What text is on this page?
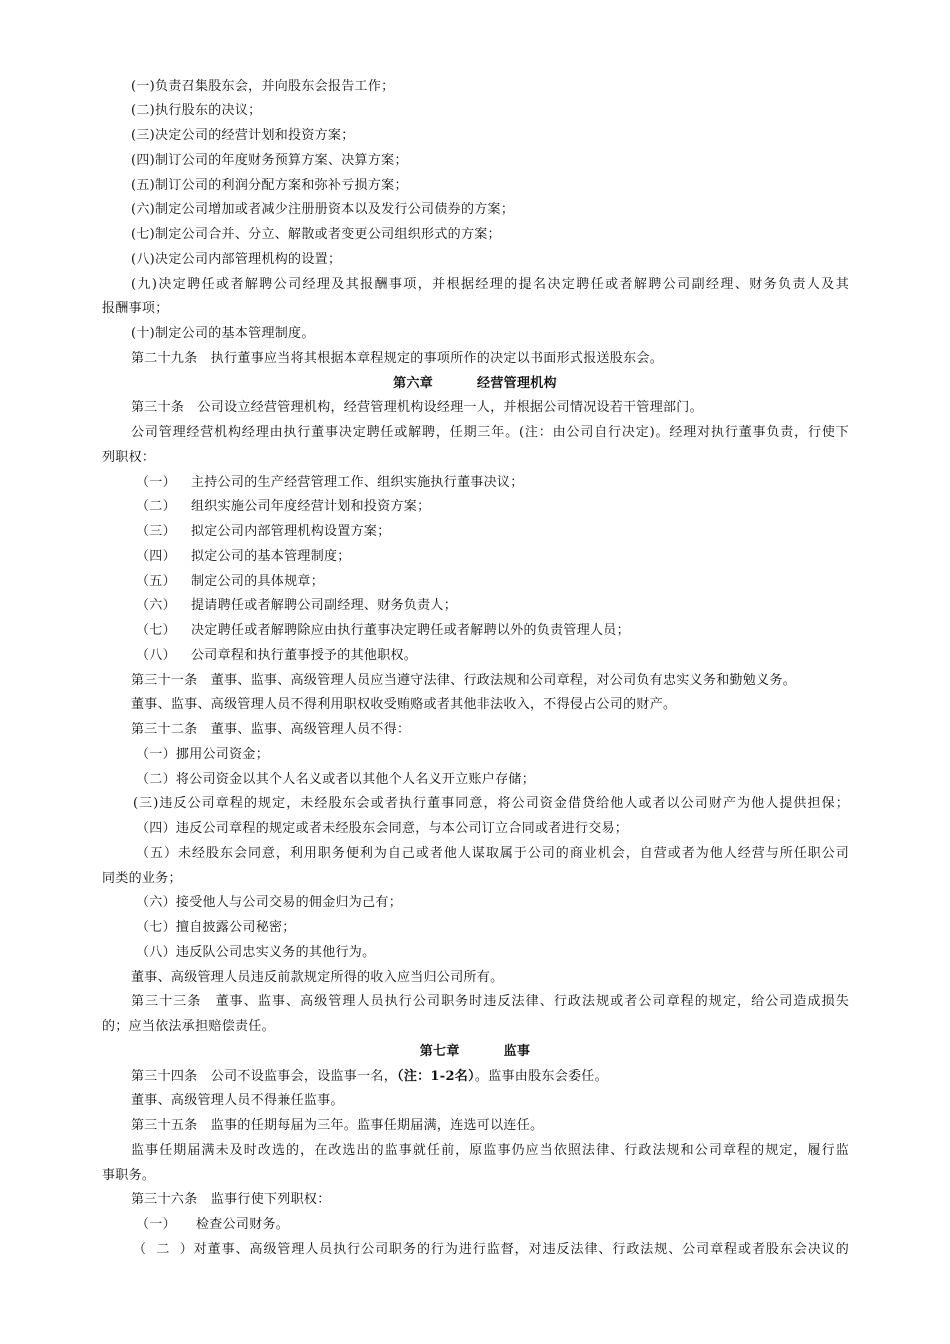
(一)负责召集股东会，并向股东会报告工作；
(二)执行股东的决议；
(三)决定公司的经营计划和投资方案；
(四)制订公司的年度财务预算方案、决算方案；
(五)制订公司的利润分配方案和弥补亏损方案；
(六)制定公司增加或者减少注册册资本以及发行公司债券的方案；
(七)制定公司合并、分立、解散或者变更公司组织形式的方案；
(八)决定公司内部管理机构的设置；
(九)决定聘任或者解聘公司经理及其报酬事项，并根据经理的提名决定聘任或者解聘公司副经理、财务负责人及其
报酬事项；
(十)制定公司的基本管理制度。
第二十九条　执行董事应当将其根据本章程规定的事项所作的决定以书面形式报送股东会。
第六章	经营管理机构
第三十条　公司设立经营管理机构，经营管理机构设经理一人，并根据公司情况设若干管理部门。
公司管理经营机构经理由执行董事决定聘任或解聘，任期三年。(注：由公司自行决定)。经理对执行董事负责，行使下
列职权：
（一） 主持公司的生产经营管理工作、组织实施执行董事决议；
（二） 组织实施公司年度经营计划和投资方案；
（三） 拟定公司内部管理机构设置方案；
（四） 拟定公司的基本管理制度；
（五） 制定公司的具体规章；
（六） 提请聘任或者解聘公司副经理、财务负责人；
（七） 决定聘任或者解聘除应由执行董事决定聘任或者解聘以外的负责管理人员；
（八） 公司章程和执行董事授予的其他职权。
第三十一条　董事、监事、高级管理人员应当遵守法律、行政法规和公司章程，对公司负有忠实义务和勤勉义务。
董事、监事、高级管理人员不得利用职权收受贿赂或者其他非法收入，不得侵占公司的财产。
第三十二条　董事、监事、高级管理人员不得：
（一）挪用公司资金；
（二）将公司资金以其个人名义或者以其他个人名义开立账户存储；
(三)违反公司章程的规定，未经股东会或者执行董事同意，将公司资金借贷给他人或者以公司财产为他人提供担保；
（四）违反公司章程的规定或者未经股东会同意，与本公司订立合同或者进行交易；
（五）未经股东会同意，利用职务便利为自己或者他人谋取属于公司的商业机会，自营或者为他人经营与所任职公司
同类的业务；
（六）接受他人与公司交易的佣金归为己有；
（七）擅自披露公司秘密；
（八）违反队公司忠实义务的其他行为。
董事、高级管理人员违反前款规定所得的收入应当归公司所有。
第三十三条　董事、监事、高级管理人员执行公司职务时违反法律、行政法规或者公司章程的规定，给公司造成损失
的；应当依法承担赔偿责任。
第七章	监事
第三十四条　公司不设监事会，设监事一名，（注：1-2名）。监事由股东会委任。
董事、高级管理人员不得兼任监事。
第三十五条　监事的任期每届为三年。监事任期届满，连选可以连任。
监事任期届满未及时改选的，在改选出的监事就任前，原监事仍应当依照法律、行政法规和公司章程的规定，履行监
事职务。
第三十六条　监事行使下列职权：
（一） 检查公司财务。
（二）对董事、高级管理人员执行公司职务的行为进行监督，对违反法律、行政法规、公司章程或者股东会决议的
